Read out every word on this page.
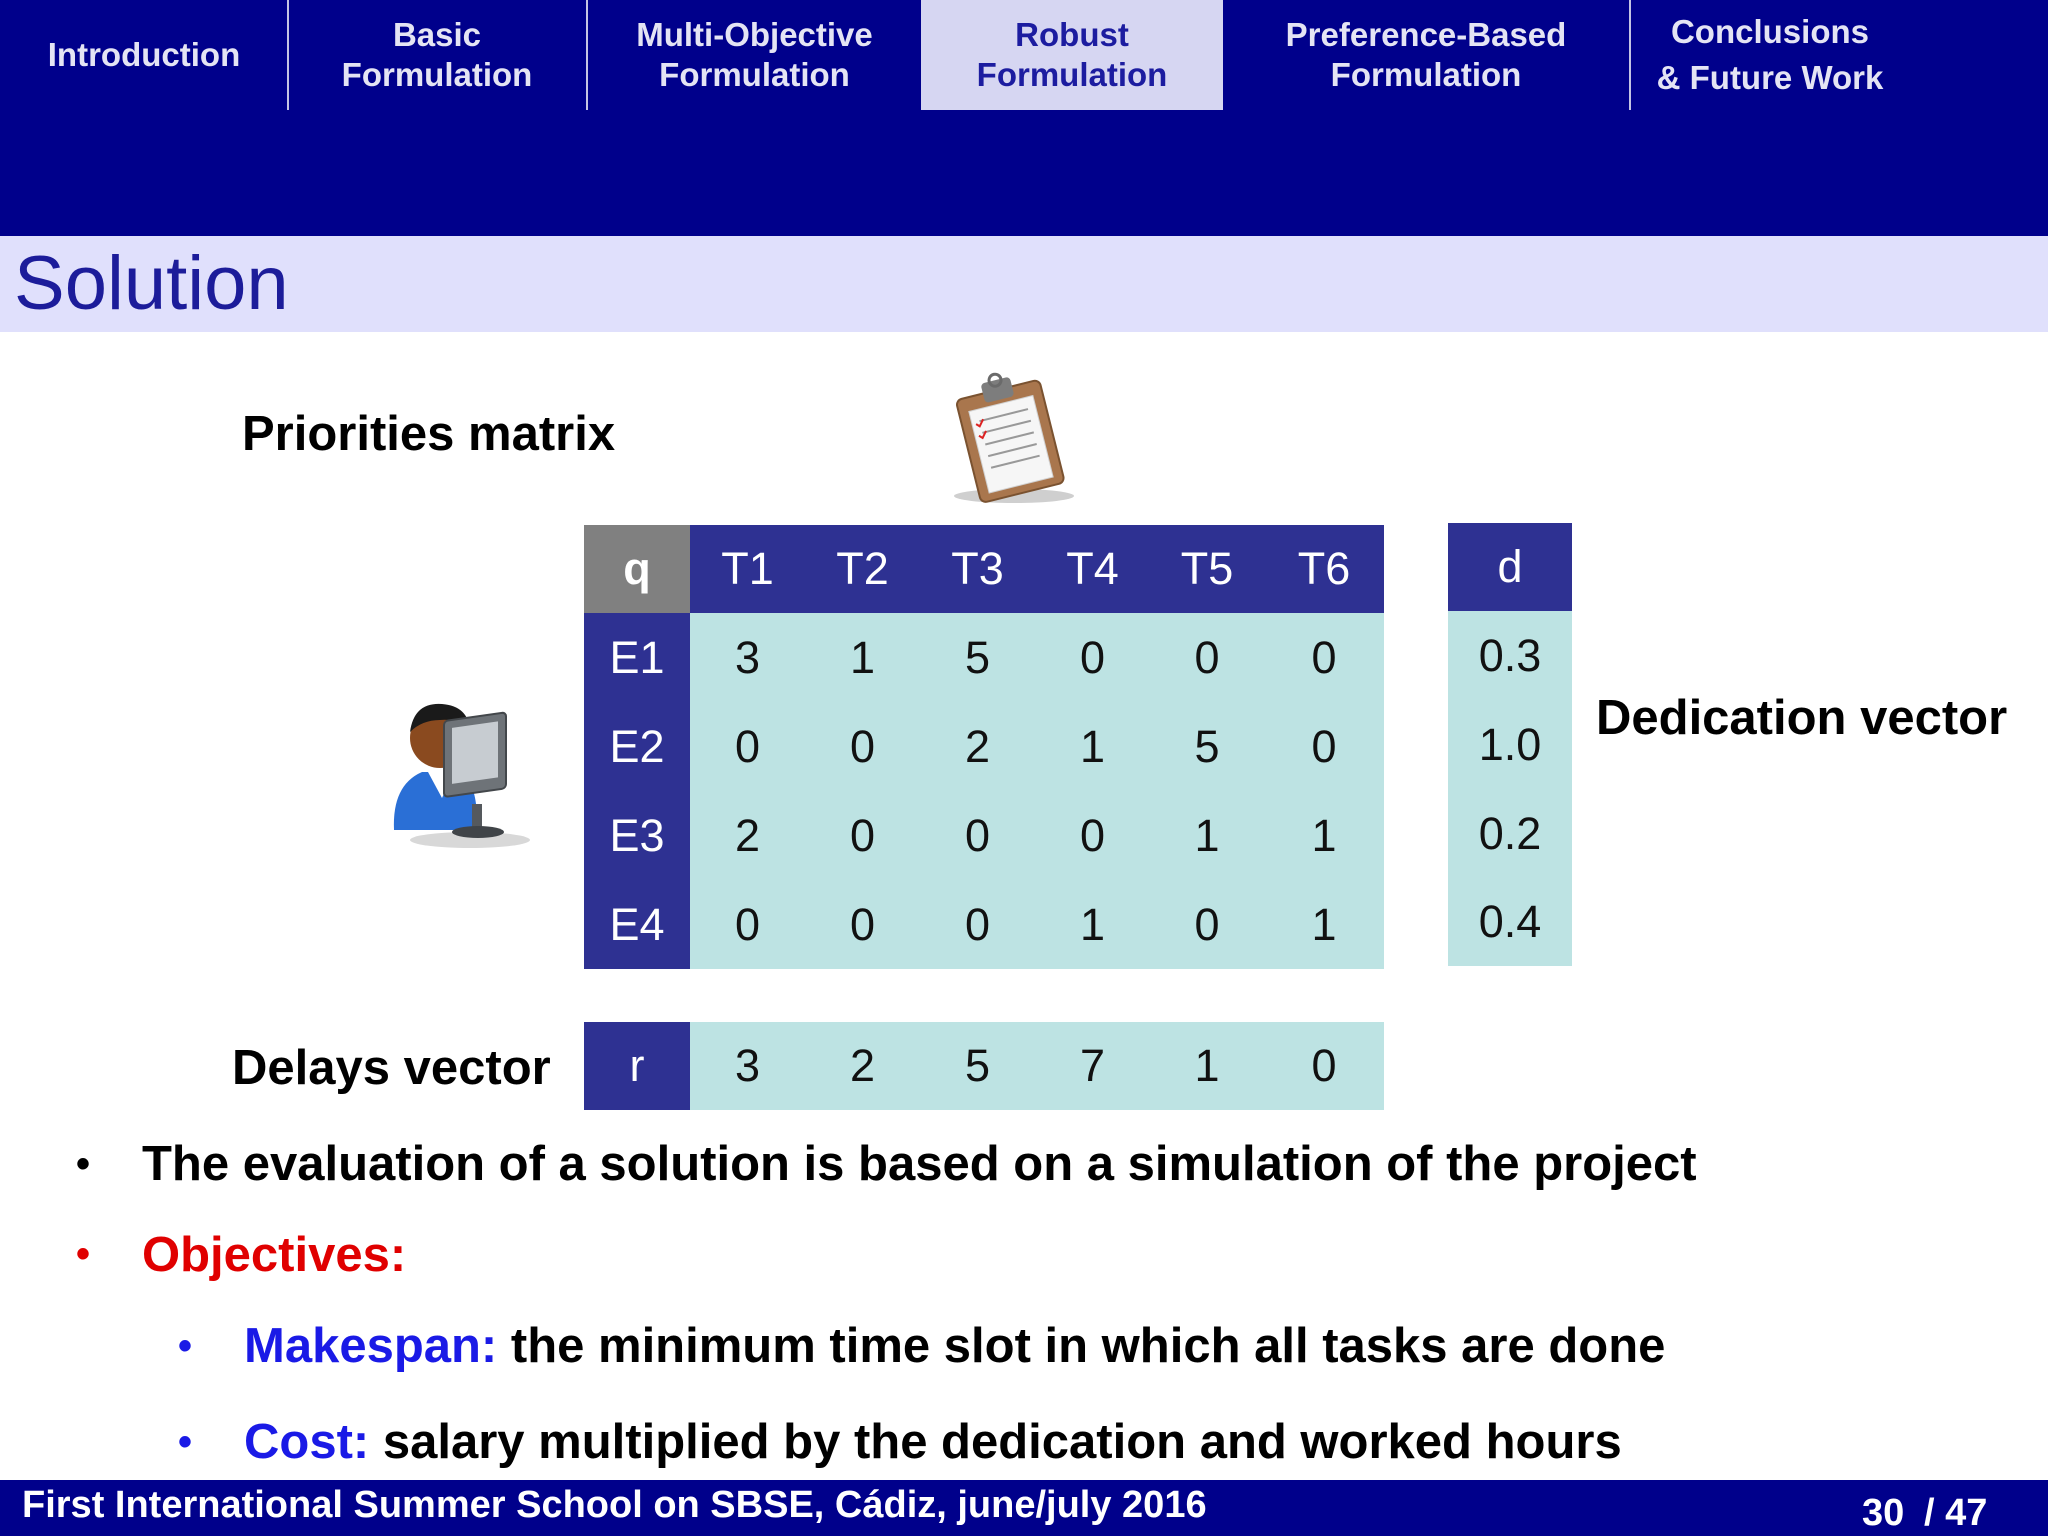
Introduction
Basic
Formulation
Multi-Objective
Formulation
Robust
Formulation
Preference-Based
Formulation
Conclusions
& Future Work
Solution
Priorities matrix
Dedication vector
Delays vector
q	T1	T2	T3	T4	T5	T6
E1	3	1	5	0	0	0
E2	0	0	2	1	5	0
E3	2	0	0	0	1	1
E4	0	0	0	1	0	1
d
0.3
1.0
0.2
0.4
r	3	2	5	7	1	0
• The evaluation of a solution is based on a simulation of the project
• Objectives:
• Makespan: the minimum time slot in which all tasks are done
• Cost: salary multiplied by the dedication and worked hours
First International Summer School on SBSE, Cádiz, june/july 2016	30 / 47
